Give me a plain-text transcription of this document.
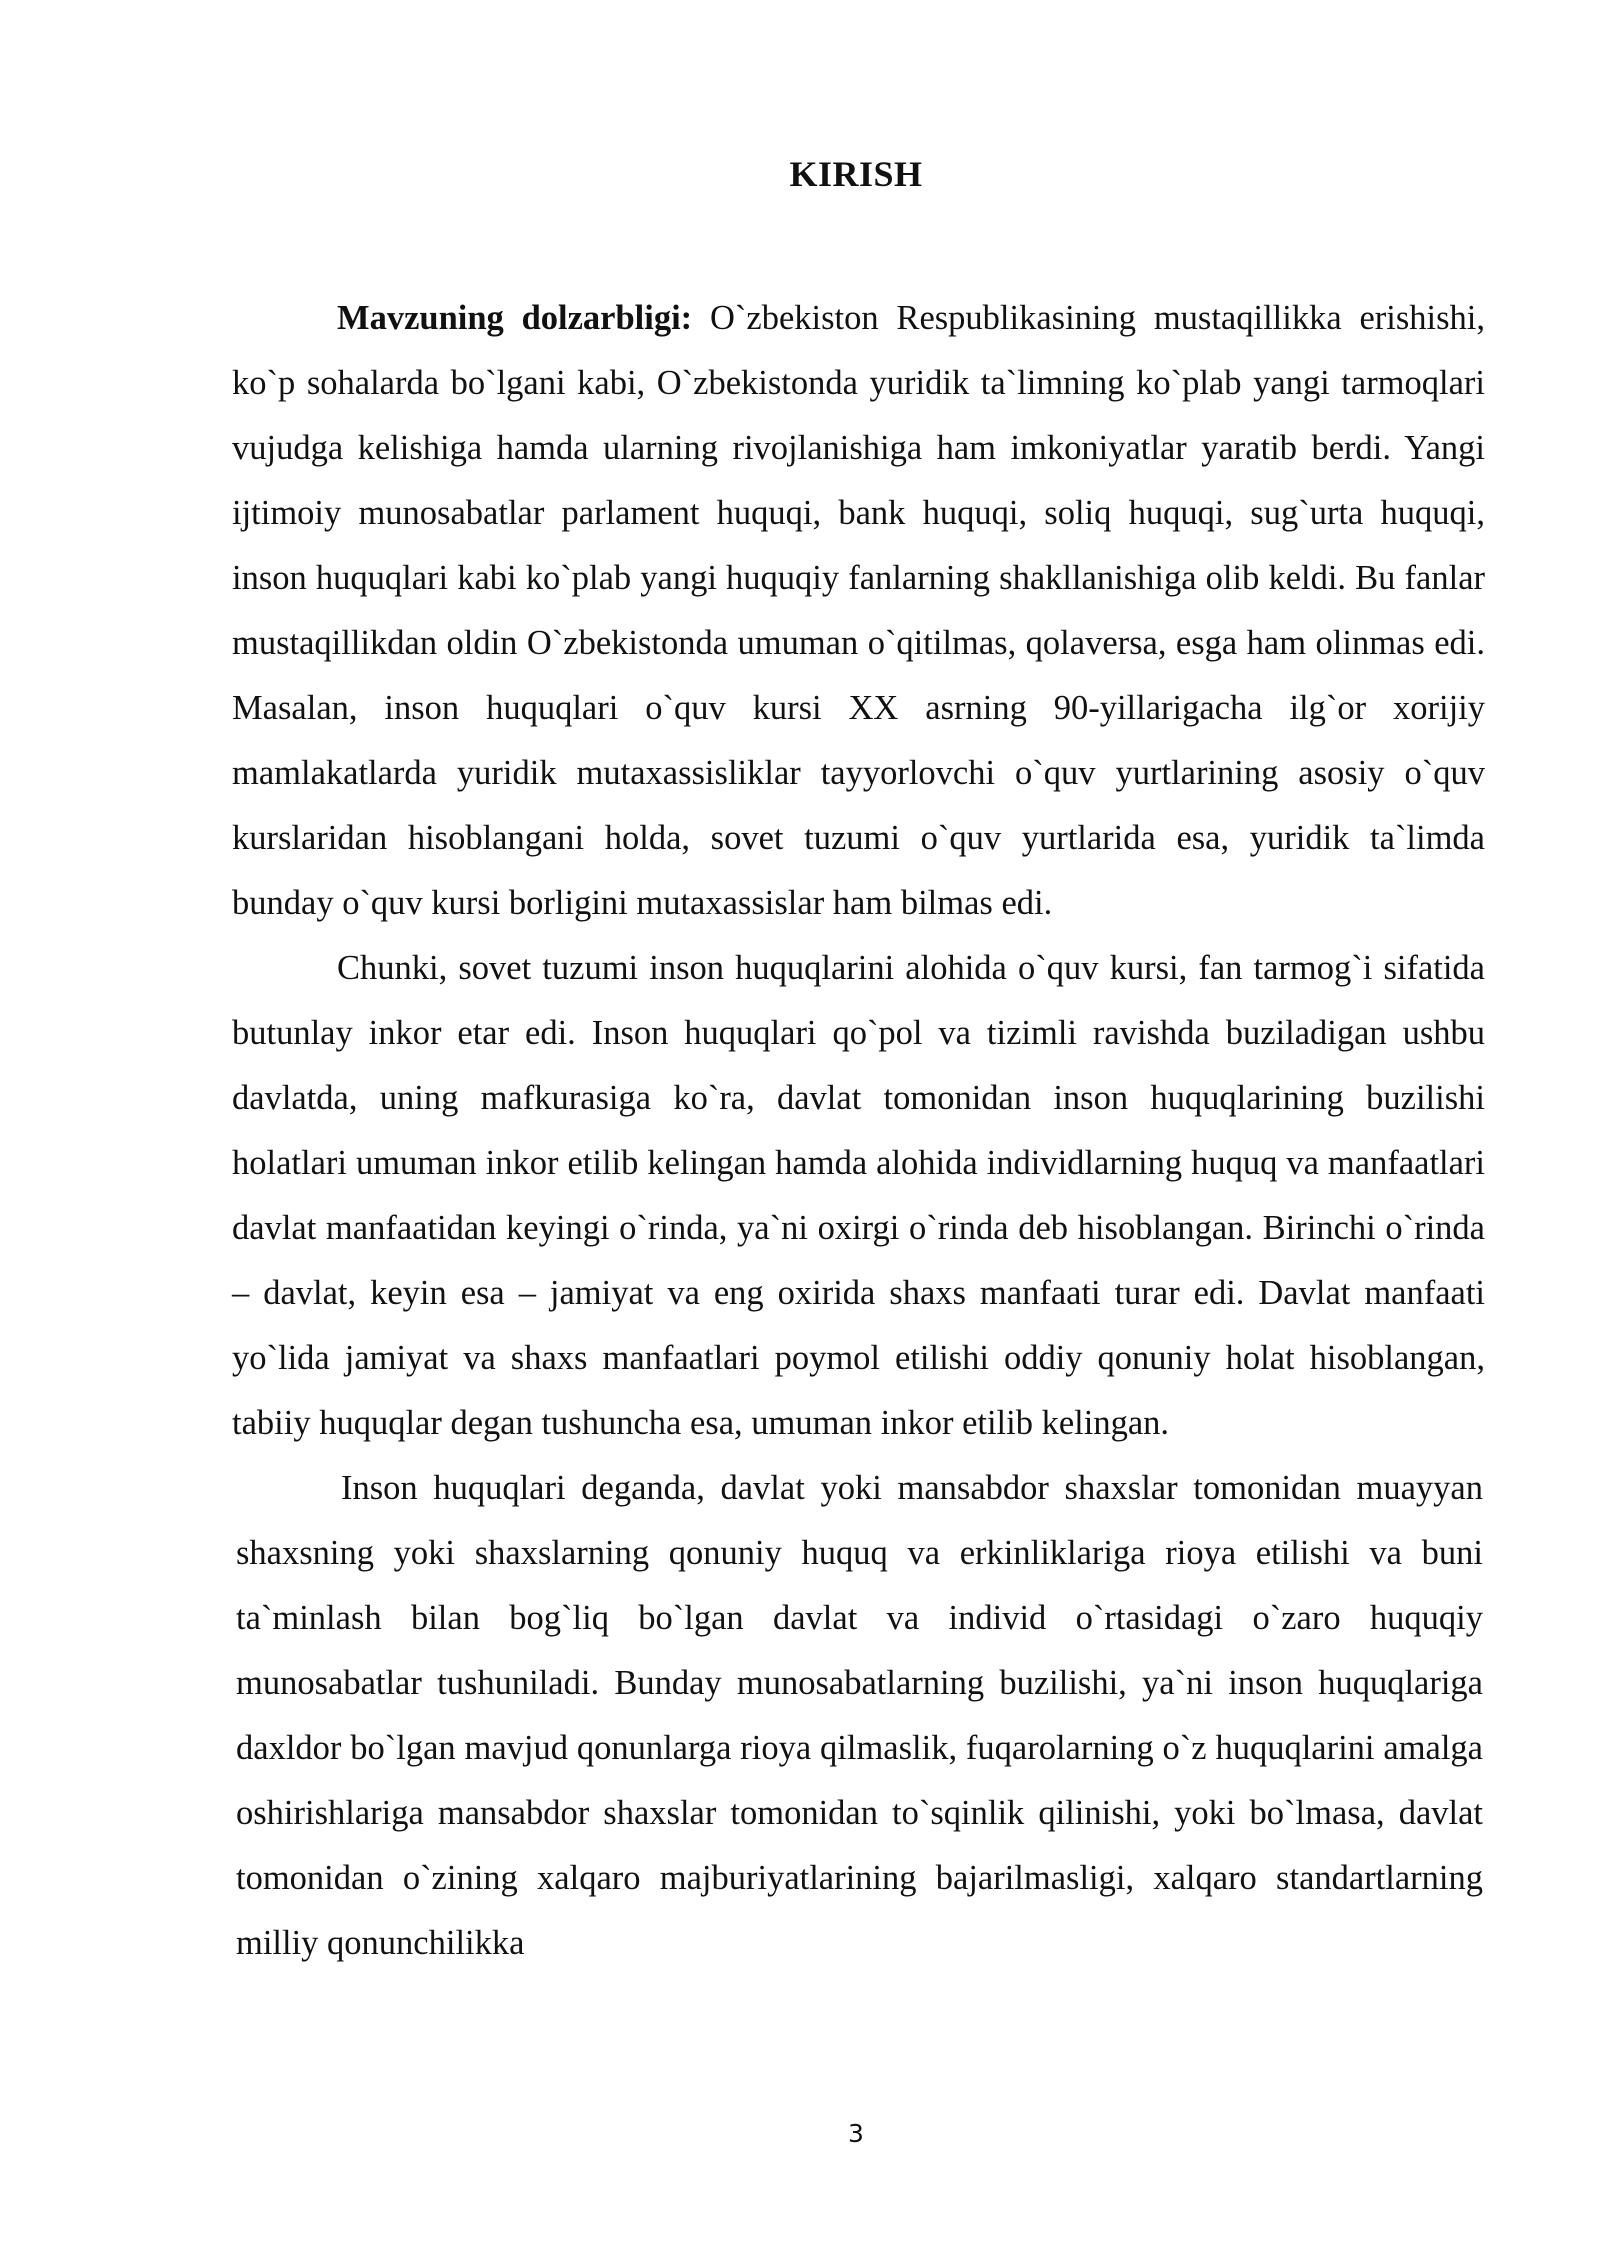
KIRISH

Mavzuning dolzarbligi: O`zbekiston Respublikasining mustaqillikka erishishi, ko`p sohalarda bo`lgani kabi, O`zbekistonda yuridik ta`limning ko`plab yangi tarmoqlari vujudga kelishiga hamda ularning rivojlanishiga ham imkoniyatlar yaratib berdi. Yangi ijtimoiy munosabatlar parlament huquqi, bank huquqi, soliq huquqi, sug`urta huquqi, inson huquqlari kabi ko`plab yangi huquqiy fanlarning shakllanishiga olib keldi. Bu fanlar mustaqillikdan oldin O`zbekistonda umuman o`qitilmas, qolaversa, esga ham olinmas edi. Masalan, inson huquqlari o`quv kursi XX asrning 90-yillarigacha ilg`or xorijiy mamlakatlarda yuridik mutaxassisliklar tayyorlovchi o`quv yurtlarining asosiy o`quv kurslaridan hisoblangani holda, sovet tuzumi o`quv yurtlarida esa, yuridik ta`limda bunday o`quv kursi borligini mutaxassislar ham bilmas edi.

Chunki, sovet tuzumi inson huquqlarini alohida o`quv kursi, fan tarmog`i sifatida butunlay inkor etar edi. Inson huquqlari qo`pol va tizimli ravishda buziladigan ushbu davlatda, uning mafkurasiga ko`ra, davlat tomonidan inson huquqlarining buzilishi holatlari umuman inkor etilib kelingan hamda alohida individlarning huquq va manfaatlari davlat manfaatidan keyingi o`rinda, ya`ni oxirgi o`rinda deb hisoblangan. Birinchi o`rinda – davlat, keyin esa – jamiyat va eng oxirida shaxs manfaati turar edi. Davlat manfaati yo`lida jamiyat va shaxs manfaatlari poymol etilishi oddiy qonuniy holat hisoblangan, tabiiy huquqlar degan tushuncha esa, umuman inkor etilib kelingan.

Inson huquqlari deganda, davlat yoki mansabdor shaxslar tomonidan muayyan shaxsning yoki shaxslarning qonuniy huquq va erkinliklariga rioya etilishi va buni ta`minlash bilan bog`liq bo`lgan davlat va individ o`rtasidagi o`zaro huquqiy munosabatlar tushuniladi. Bunday munosabatlarning buzilishi, ya`ni inson huquqlariga daxldor bo`lgan mavjud qonunlarga rioya qilmaslik, fuqarolarning o`z huquqlarini amalga oshirishlariga mansabdor shaxslar tomonidan to`sqinlik qilinishi, yoki bo`lmasa, davlat tomonidan o`zining xalqaro majburiyatlarining bajarilmasligi, xalqaro standartlarning milliy qonunchilikka

3
